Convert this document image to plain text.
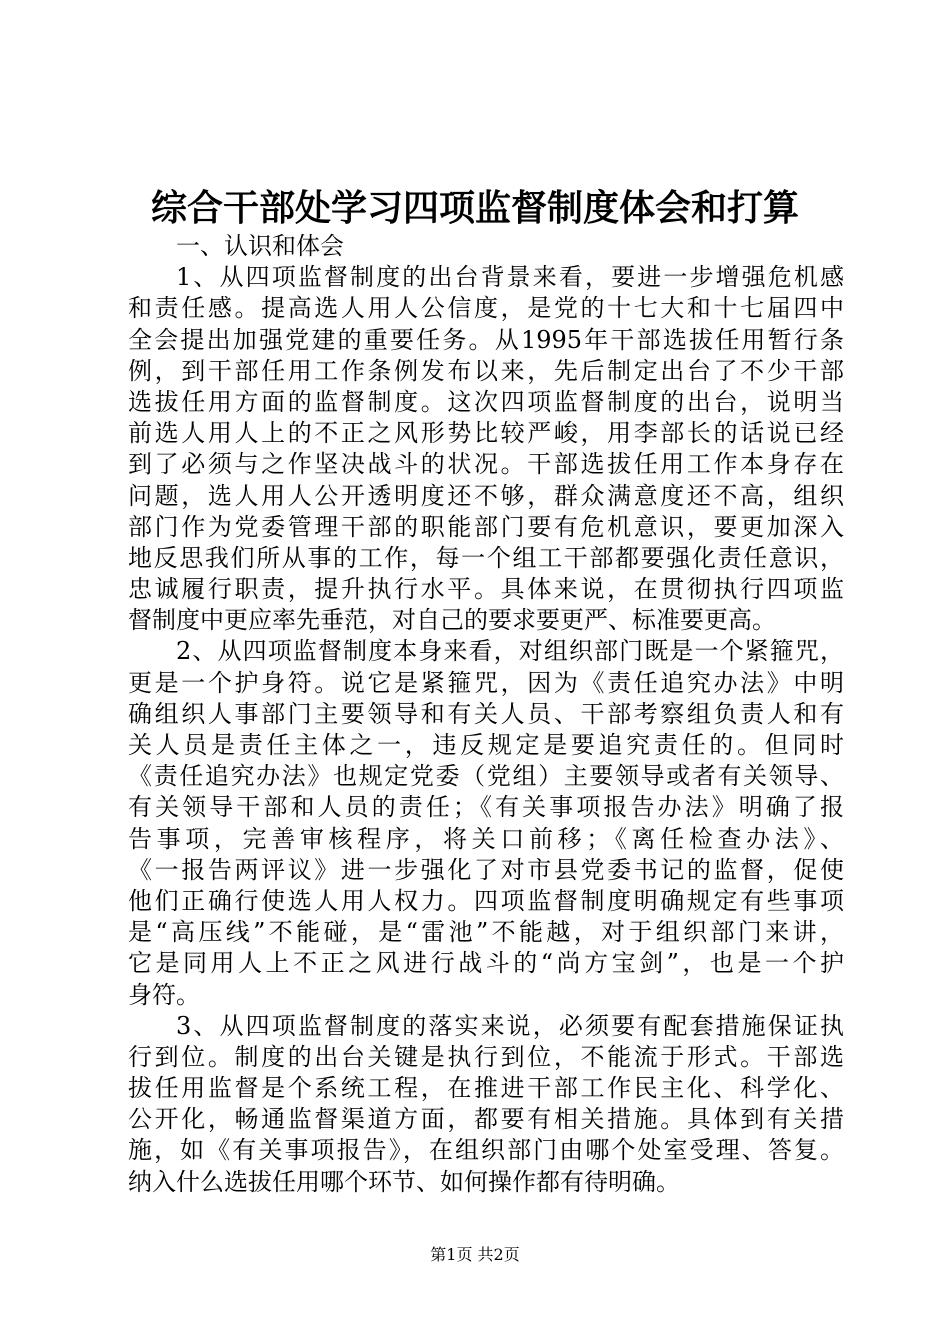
综合干部处学习四项监督制度体会和打算
一、认识和体会
1、从四项监督制度的出台背景来看，要进一步增强危机感
和责任感。提高选人用人公信度，是党的十七大和十七届四中
全会提出加强党建的重要任务。从1995年干部选拔任用暂行条
例，到干部任用工作条例发布以来，先后制定出台了不少干部
选拔任用方面的监督制度。这次四项监督制度的出台，说明当
前选人用人上的不正之风形势比较严峻，用李部长的话说已经
到了必须与之作坚决战斗的状况。干部选拔任用工作本身存在
问题，选人用人公开透明度还不够，群众满意度还不高，组织
部门作为党委管理干部的职能部门要有危机意识，要更加深入
地反思我们所从事的工作，每一个组工干部都要强化责任意识，
忠诚履行职责，提升执行水平。具体来说，在贯彻执行四项监
督制度中更应率先垂范，对自己的要求要更严、标准要更高。
2、从四项监督制度本身来看，对组织部门既是一个紧箍咒，
更是一个护身符。说它是紧箍咒，因为《责任追究办法》中明
确组织人事部门主要领导和有关人员、干部考察组负责人和有
关人员是责任主体之一，违反规定是要追究责任的。但同时
《责任追究办法》也规定党委（党组）主要领导或者有关领导、
有关领导干部和人员的责任；《有关事项报告办法》明确了报
告事项，完善审核程序，将关口前移；《离任检查办法》、
《一报告两评议》进一步强化了对市县党委书记的监督，促使
他们正确行使选人用人权力。四项监督制度明确规定有些事项
是“高压线”不能碰，是“雷池”不能越，对于组织部门来讲，
它是同用人上不正之风进行战斗的“尚方宝剑”，也是一个护
身符。
3、从四项监督制度的落实来说，必须要有配套措施保证执
行到位。制度的出台关键是执行到位，不能流于形式。干部选
拔任用监督是个系统工程，在推进干部工作民主化、科学化、
公开化，畅通监督渠道方面，都要有相关措施。具体到有关措
施，如《有关事项报告》，在组织部门由哪个处室受理、答复。
纳入什么选拔任用哪个环节、如何操作都有待明确。
第1页 共2页
